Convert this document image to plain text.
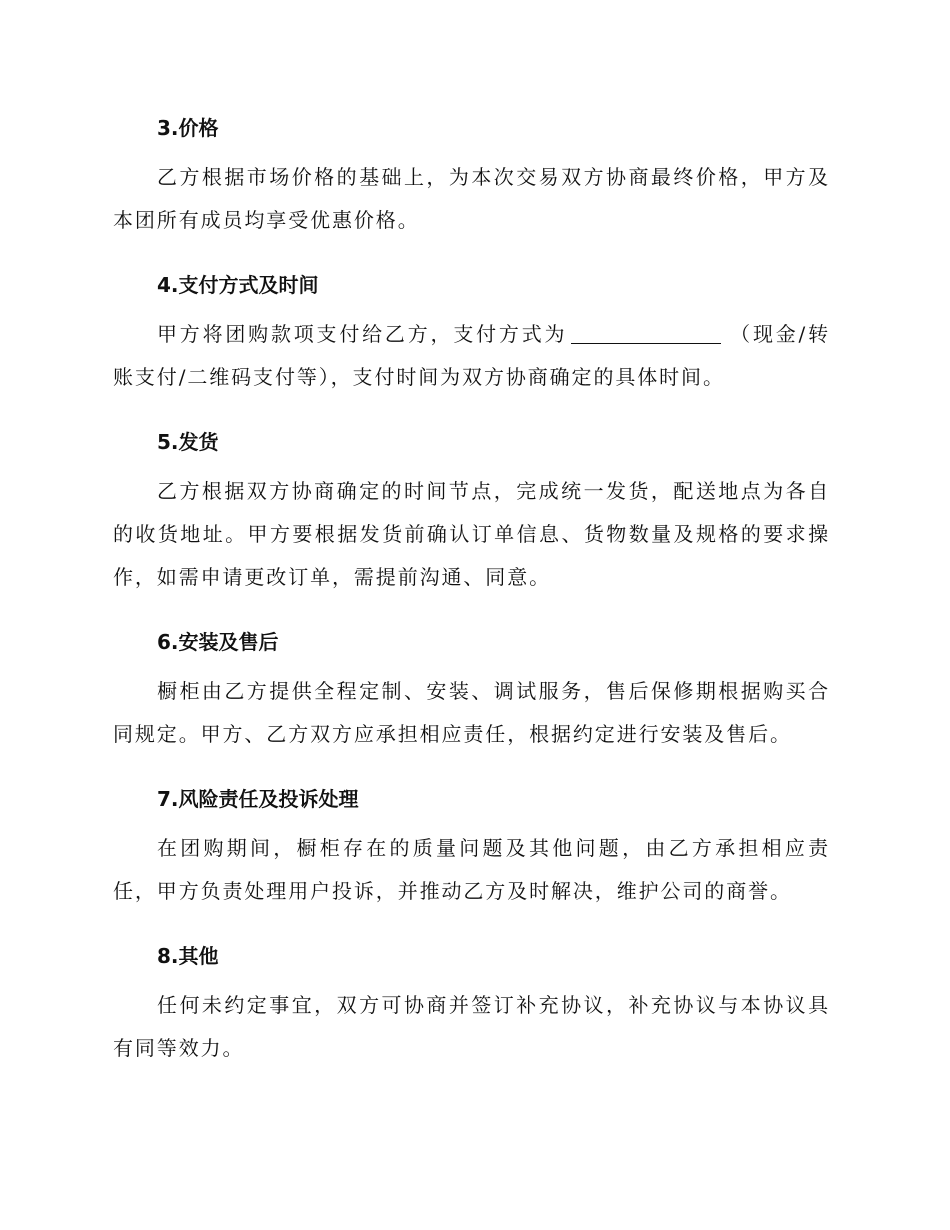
3.价格

乙方根据市场价格的基础上，为本次交易双方协商最终价格，甲方及本团所有成员均享受优惠价格。

4.支付方式及时间

甲方将团购款项支付给乙方，支付方式为	（现金/转账支付/二维码支付等），支付时间为双方协商确定的具体时间。

5.发货

乙方根据双方协商确定的时间节点，完成统一发货，配送地点为各自的收货地址。甲方要根据发货前确认订单信息、货物数量及规格的要求操作，如需申请更改订单，需提前沟通、同意。

6.安装及售后

橱柜由乙方提供全程定制、安装、调试服务，售后保修期根据购买合同规定。甲方、乙方双方应承担相应责任，根据约定进行安装及售后。

7.风险责任及投诉处理

在团购期间，橱柜存在的质量问题及其他问题，由乙方承担相应责任，甲方负责处理用户投诉，并推动乙方及时解决，维护公司的商誉。

8.其他

任何未约定事宜，双方可协商并签订补充协议，补充协议与本协议具有同等效力。
